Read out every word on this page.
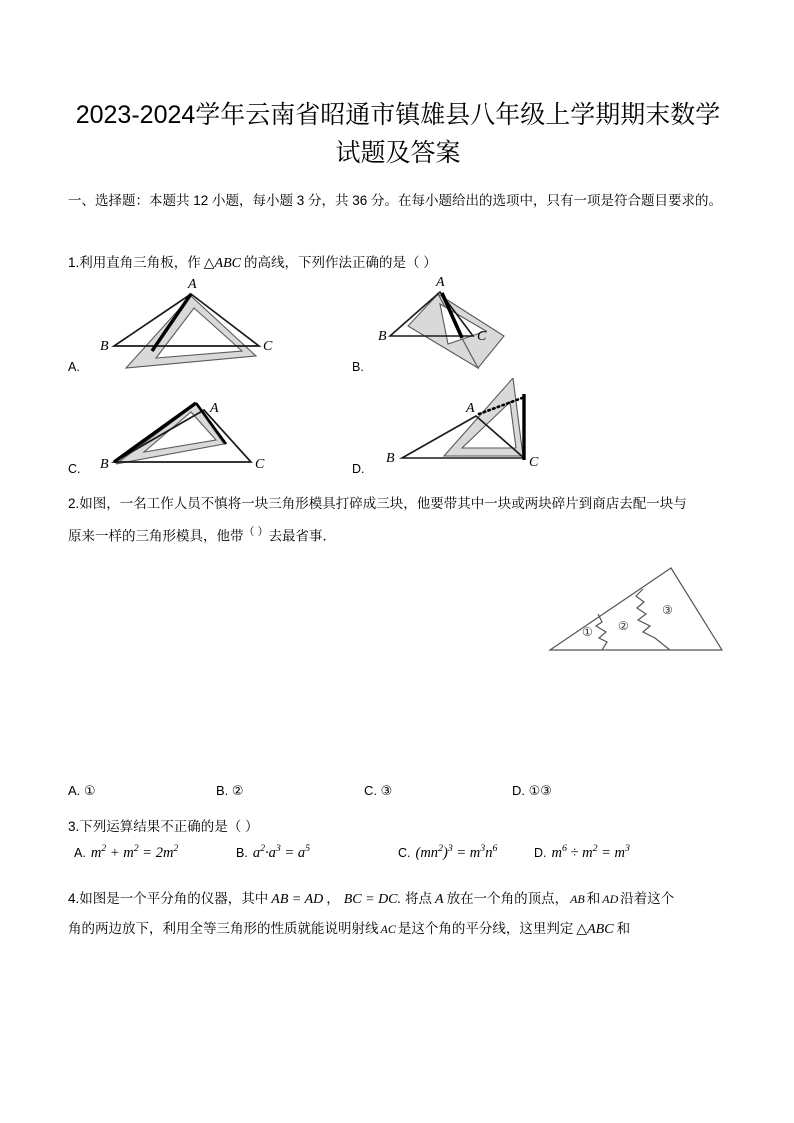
2023-2024学年云南省昭通市镇雄县八年级上学期期末数学试题及答案
一、选择题：本题共 12 小题，每小题 3 分，共 36 分。在每小题给出的选项中，只有一项是符合题目要求的。
1.利用直角三角板，作 △ABC 的高线，下列作法正确的是（ ）
A
B	C
A.
A
B	C
B.
A
B	C
C.
A
B	C
D.
2.如图，一名工作人员不慎将一块三角形模具打碎成三块，他要带其中一块或两块碎片到商店去配一块与
原来一样的三角形模具，他带（ ）去最省事．
① ②
③
A. ①	B. ②	C. ③	D. ①③
3.下列运算结果不正确的是（ ）
A. $m^2 + m^2 = 2m^2$	B. $a^2\cdot a^3 = a^5$	C. $(mn^2)^3 = m^3n^6$	D. $m^6 \div m^2 = m^3$
4.如图是一个平分角的仪器，其中 AB = AD ， BC = DC. 将点 A 放在一个角的顶点， AB 和 AD 沿着这个
角的两边放下，利用全等三角形的性质就能说明射线 AC 是这个角的平分线，这里判定 △ABC 和
